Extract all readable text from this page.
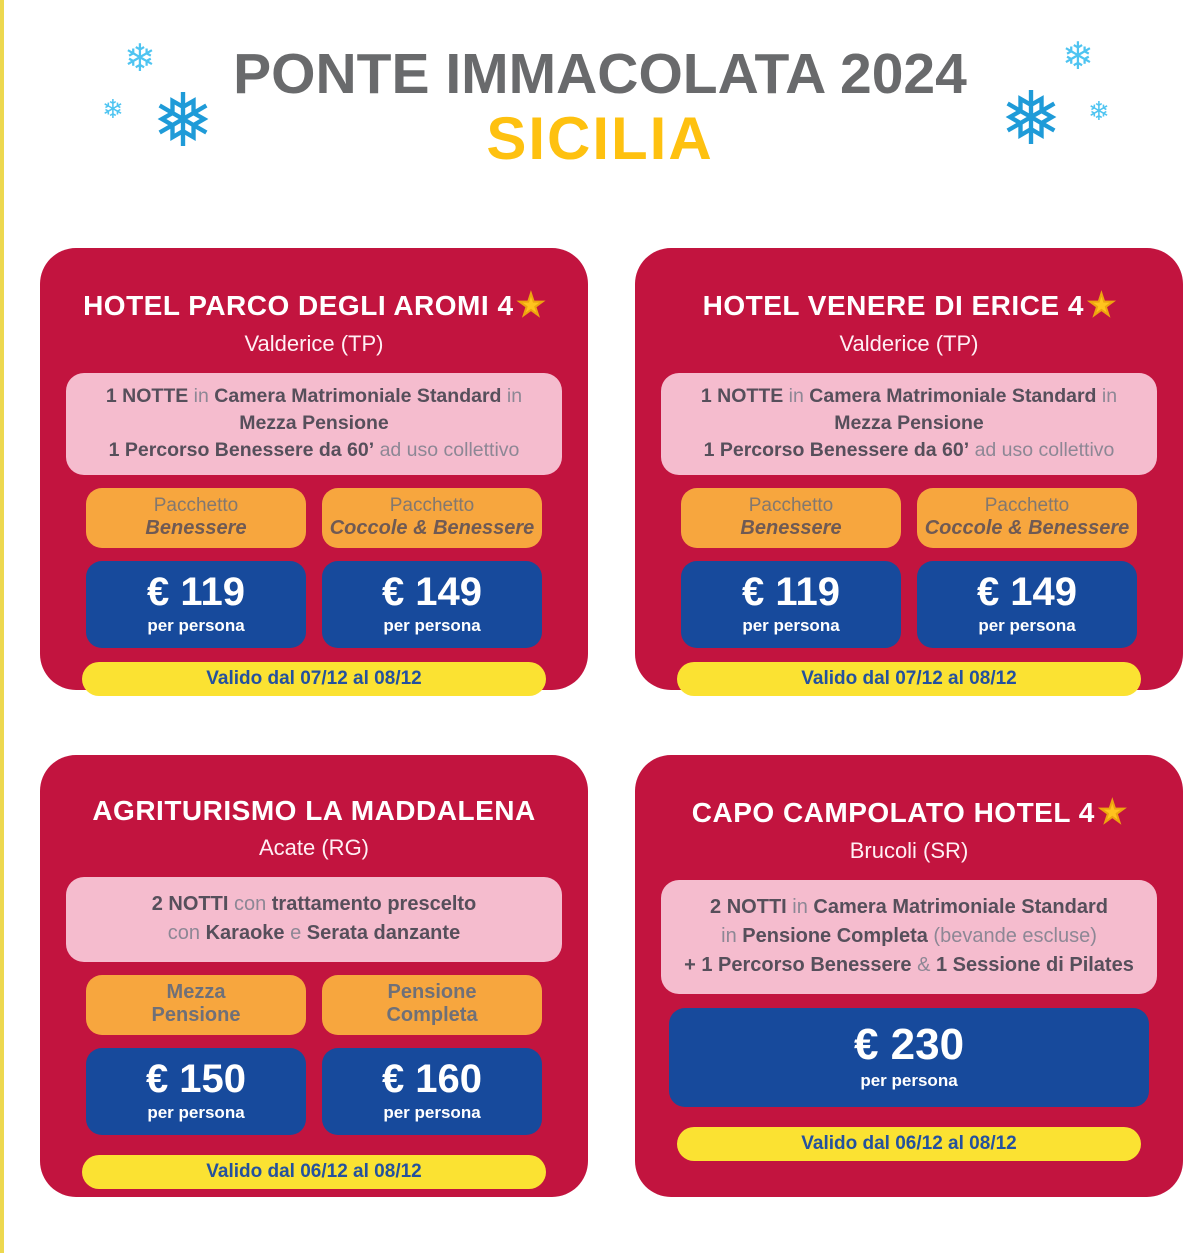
❄
❄ ❅
❄
❄
❅
PONTE IMMACOLATA 2024
SICILIA
HOTEL PARCO DEGLI AROMI 4 ★
Valderice (TP)
1 NOTTE in Camera Matrimoniale Standard in
Mezza Pensione
1 Percorso Benessere da 60’ ad uso collettivo
Pacchetto
Benessere
Pacchetto
Coccole & Benessere
€ 119
per persona
€ 149
per persona
Valido dal 07/12 al 08/12
HOTEL VENERE DI ERICE 4 ★
Valderice (TP)
1 NOTTE in Camera Matrimoniale Standard in
Mezza Pensione
1 Percorso Benessere da 60’ ad uso collettivo
Pacchetto
Benessere
Pacchetto
Coccole & Benessere
€ 119
per persona
€ 149
per persona
Valido dal 07/12 al 08/12
AGRITURISMO LA MADDALENA
Acate (RG)
2 NOTTI con trattamento prescelto
con Karaoke e Serata danzante
Mezza
Pensione
Pensione
Completa
€ 150
per persona
€ 160
per persona
Valido dal 06/12 al 08/12
CAPO CAMPOLATO HOTEL 4 ★
Brucoli (SR)
2 NOTTI in Camera Matrimoniale Standard
in Pensione Completa (bevande escluse)
+ 1 Percorso Benessere & 1 Sessione di Pilates
€ 230
per persona
Valido dal 06/12 al 08/12
